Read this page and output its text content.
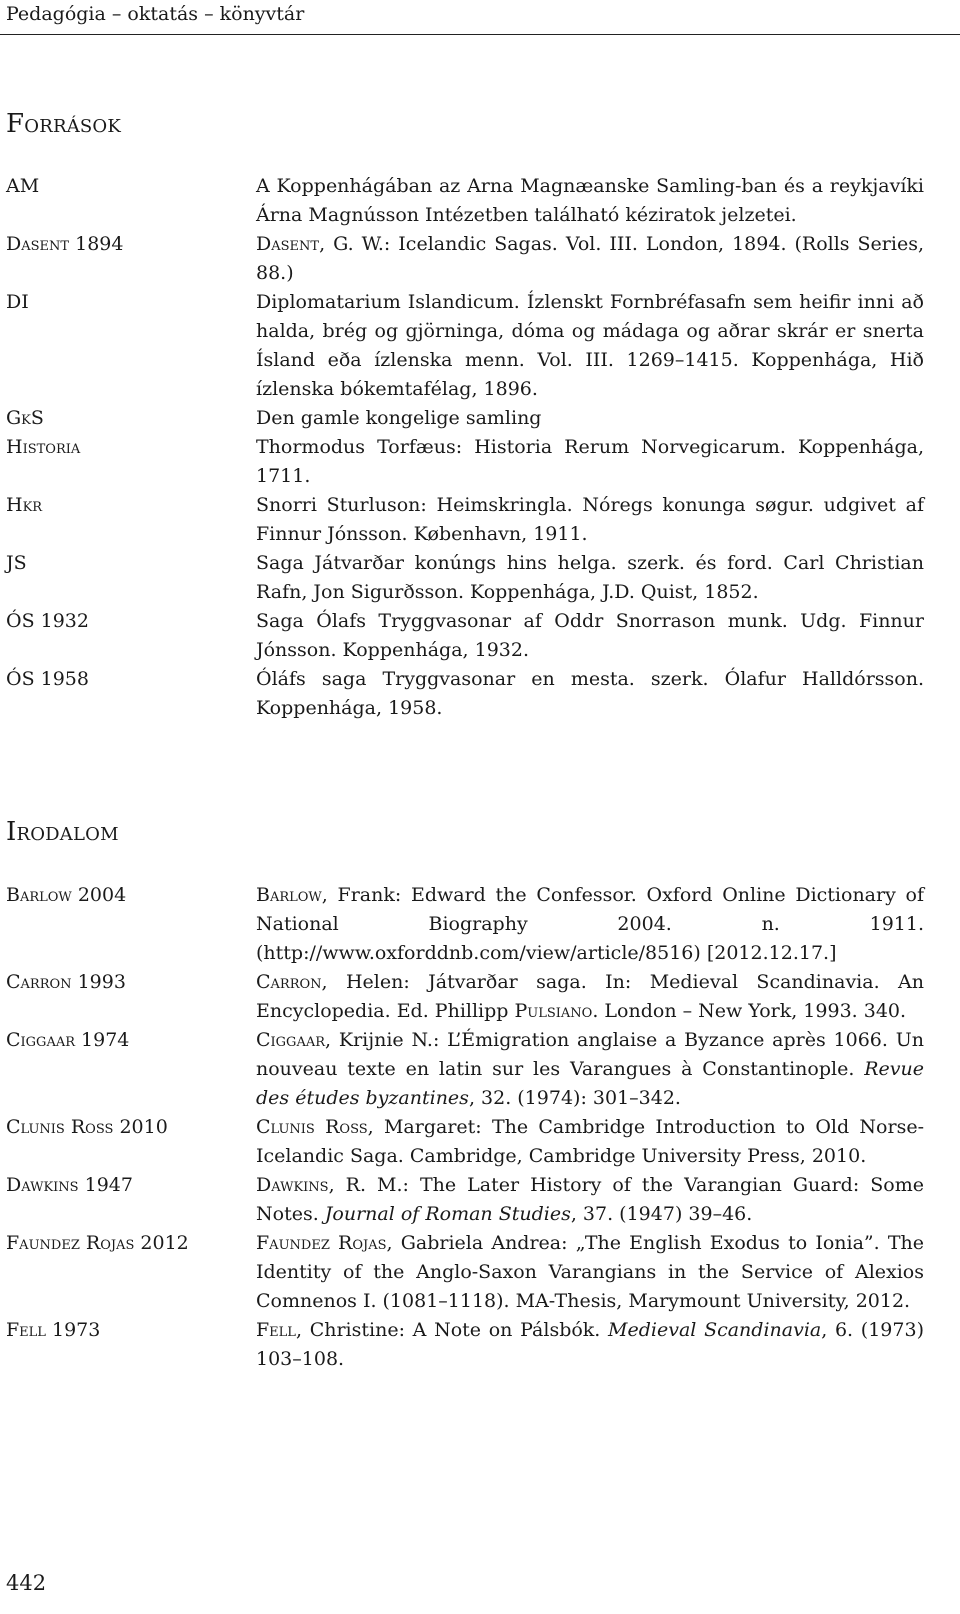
Pedagógia – oktatás – könyvtár
Források
AM	A Koppenhágában az Arna Magnæanske Samling-ban és a reykjavíki Árna Magnússon Intézetben található kéziratok jelzetei.
Dasent 1894	Dasent, G. W.: Icelandic Sagas. Vol. III. London, 1894. (Rolls Series, 88.)
DI	Diplomatarium Islandicum. Ízlenskt Fornbréfasafn sem heifir inni að halda, brég og gjörninga, dóma og mádaga og aðrar skrár er snerta Ísland eða ízlenska menn. Vol. III. 1269–1415. Koppenhága, Hið ízlenska bókemtafélag, 1896.
GkS	Den gamle kongelige samling
Historia	Thormodus Torfæus: Historia Rerum Norvegicarum. Koppenhága, 1711.
Hkr	Snorri Sturluson: Heimskringla. Nóregs konunga søgur. udgivet af Finnur Jónsson. København, 1911.
JS	Saga Játvarðar konúngs hins helga. szerk. és ford. Carl Christian Rafn, Jon Sigurðsson. Koppenhága, J.D. Quist, 1852.
ÓS 1932	Saga Ólafs Tryggvasonar af Oddr Snorrason munk. Udg. Finnur Jónsson. Koppenhága, 1932.
ÓS 1958	Óláfs saga Tryggvasonar en mesta. szerk. Ólafur Halldórsson. Koppenhága, 1958.
Irodalom
Barlow 2004	Barlow, Frank: Edward the Confessor. Oxford Online Dictionary of National Biography 2004. n. 1911. (http://www.oxforddnb.com/view/article/8516) [2012.12.17.]
Carron 1993	Carron, Helen: Játvarðar saga. In: Medieval Scandinavia. An Encyclopedia. Ed. Phillipp Pulsiano. London – New York, 1993. 340.
Ciggaar 1974	Ciggaar, Krijnie N.: L’Émigration anglaise a Byzance après 1066. Un nouveau texte en latin sur les Varangues à Constantinople. Revue des études byzantines, 32. (1974): 301–342.
Clunis Ross 2010	Clunis Ross, Margaret: The Cambridge Introduction to Old Norse-Icelandic Saga. Cambridge, Cambridge University Press, 2010.
Dawkins 1947	Dawkins, R. M.: The Later History of the Varangian Guard: Some Notes. Journal of Roman Studies, 37. (1947) 39–46.
Faundez Rojas 2012	Faundez Rojas, Gabriela Andrea: „The English Exodus to Ionia”. The Identity of the Anglo-Saxon Varangians in the Service of Alexios Comnenos I. (1081–1118). MA-Thesis, Marymount University, 2012.
Fell 1973	Fell, Christine: A Note on Pálsbók. Medieval Scandinavia, 6. (1973) 103–108.
442
